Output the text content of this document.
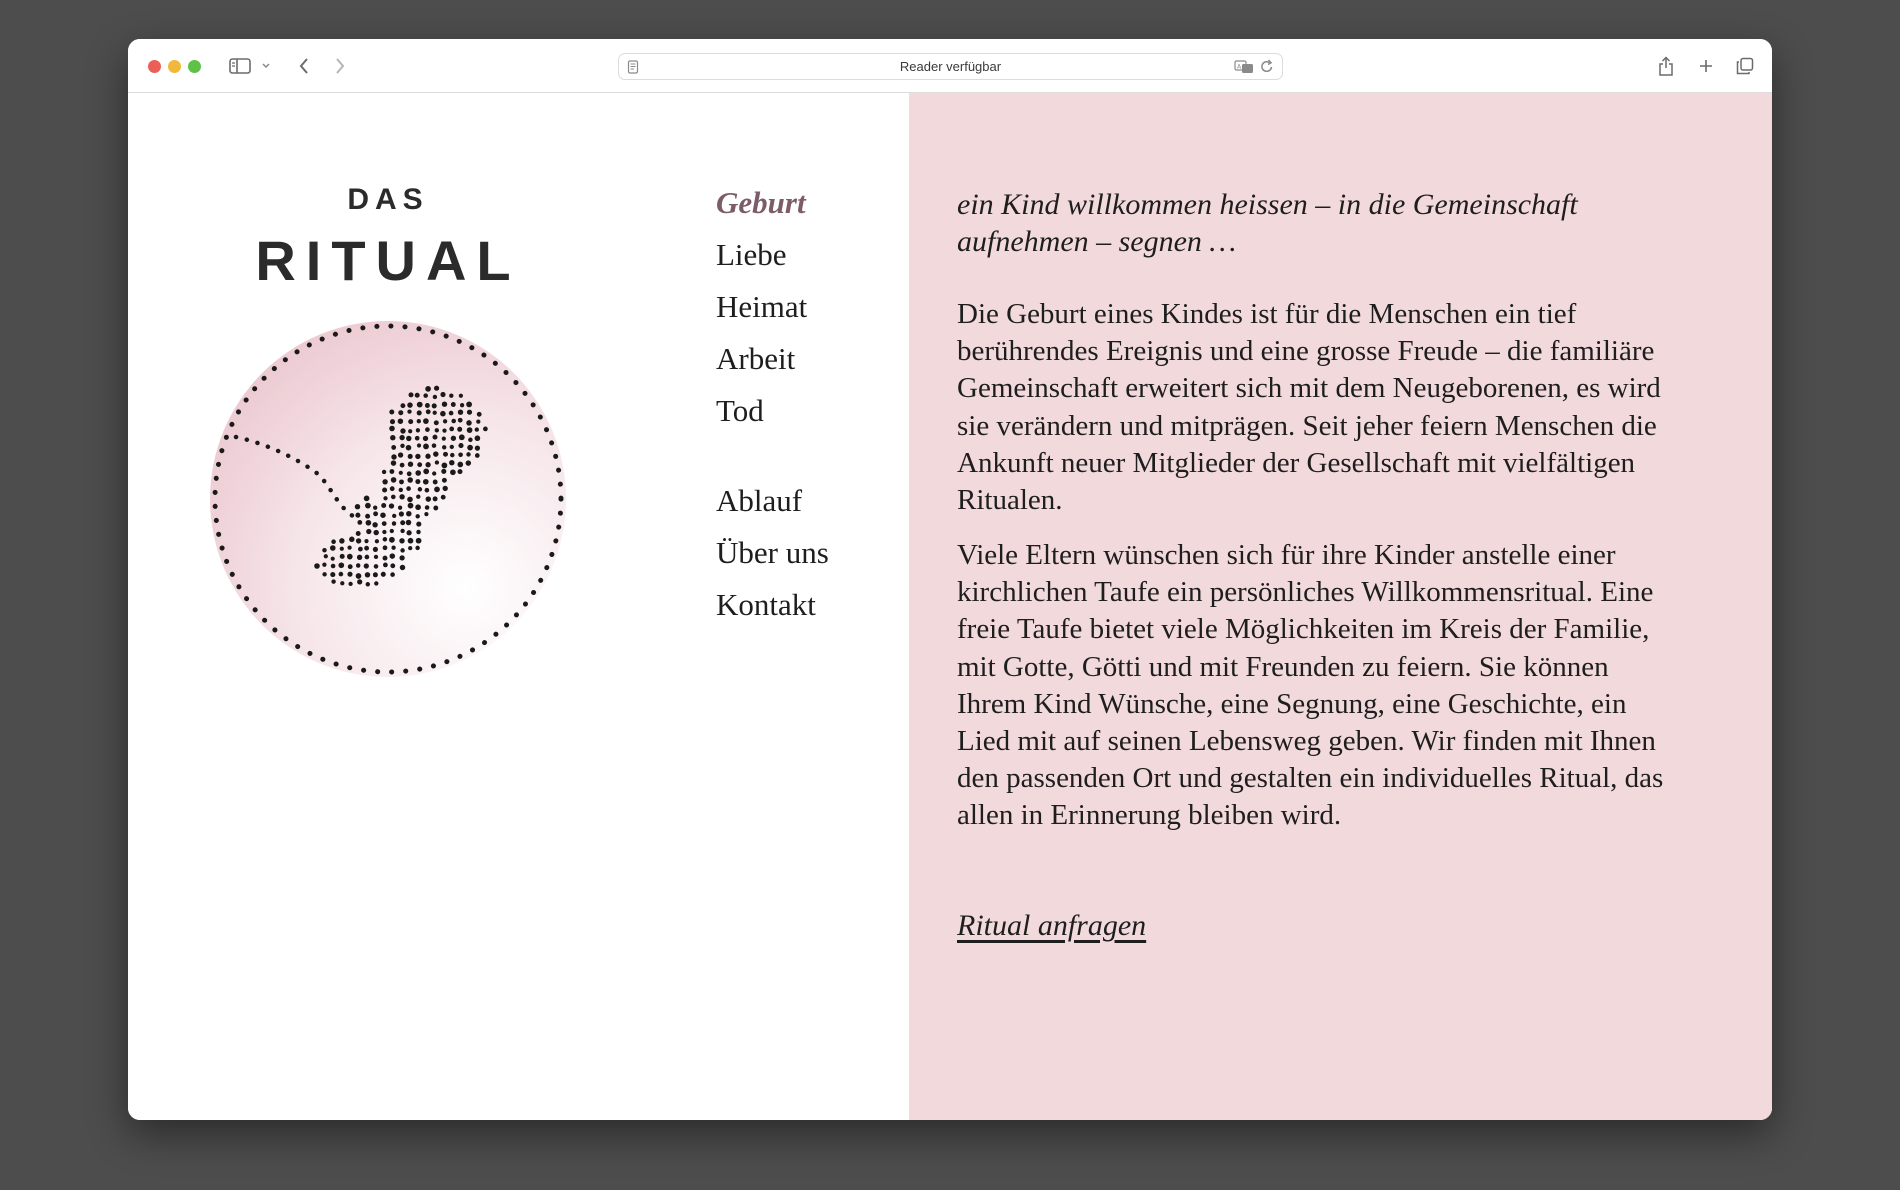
Reader verfügbar	A
DAS
RITUAL
Geburt
Liebe
Heimat
Arbeit
Tod
Ablauf
Über uns
Kontakt

ein Kind willkommen heissen – in die Gemeinschaft aufnehmen – segnen …

Die Geburt eines Kindes ist für die Menschen ein tief berührendes Ereignis und eine grosse Freude – die familiäre Gemeinschaft erweitert sich mit dem Neugeborenen, es wird sie verändern und mitprägen. Seit jeher feiern Menschen die Ankunft neuer Mitglieder der Gesellschaft mit vielfältigen Ritualen.

Viele Eltern wünschen sich für ihre Kinder anstelle einer kirchlichen Taufe ein persönliches Willkommensritual. Eine freie Taufe bietet viele Möglichkeiten im Kreis der Familie, mit Gotte, Götti und mit Freunden zu feiern. Sie können Ihrem Kind Wünsche, eine Segnung, eine Geschichte, ein Lied mit auf seinen Lebensweg geben. Wir finden mit Ihnen den passenden Ort und gestalten ein individuelles Ritual, das allen in Erinnerung bleiben wird.

Ritual anfragen
